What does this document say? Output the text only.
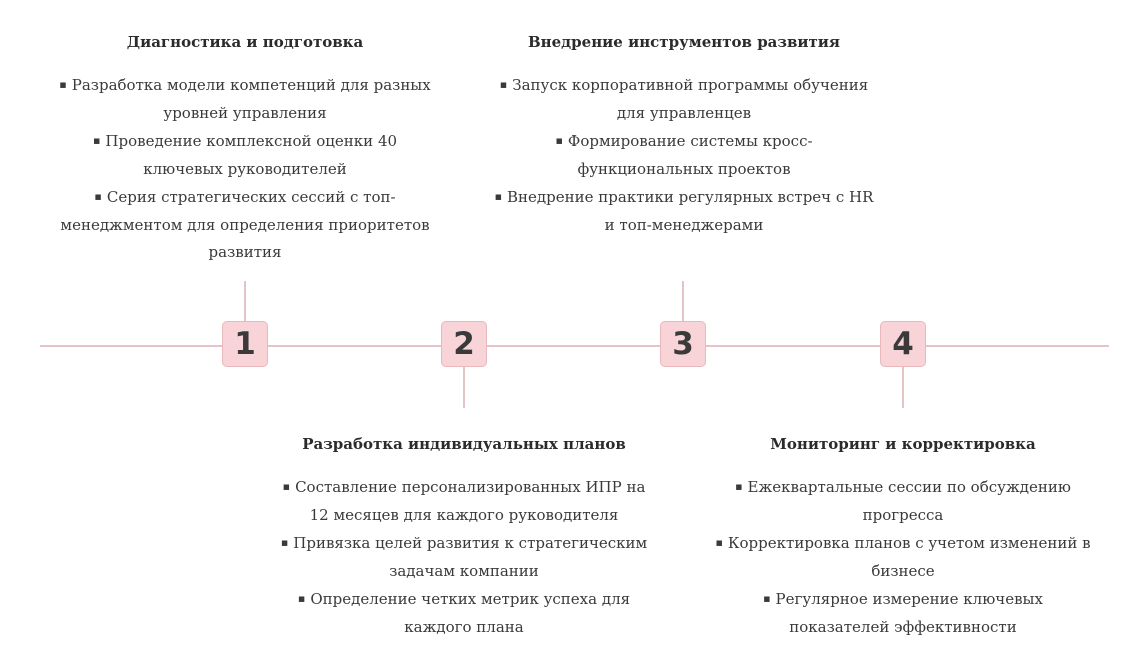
1	2	3	4
Диагностика и подготовка
▪ Разработка модели компетенций для разных уровней управления
▪ Проведение комплексной оценки 40 ключевых руководителей
▪ Серия стратегических сессий с топ-менеджментом для определения приоритетов развития
Внедрение инструментов развития
▪ Запуск корпоративной программы обучения для управленцев
▪ Формирование системы кросс-функциональных проектов
▪ Внедрение практики регулярных встреч с HR и топ-менеджерами
Разработка индивидуальных планов
▪ Составление персонализированных ИПР на 12 месяцев для каждого руководителя
▪ Привязка целей развития к стратегическим задачам компании
▪ Определение четких метрик успеха для каждого плана
Мониторинг и корректировка
▪ Ежеквартальные сессии по обсуждению прогресса
▪ Корректировка планов с учетом изменений в бизнесе
▪ Регулярное измерение ключевых показателей эффективности
